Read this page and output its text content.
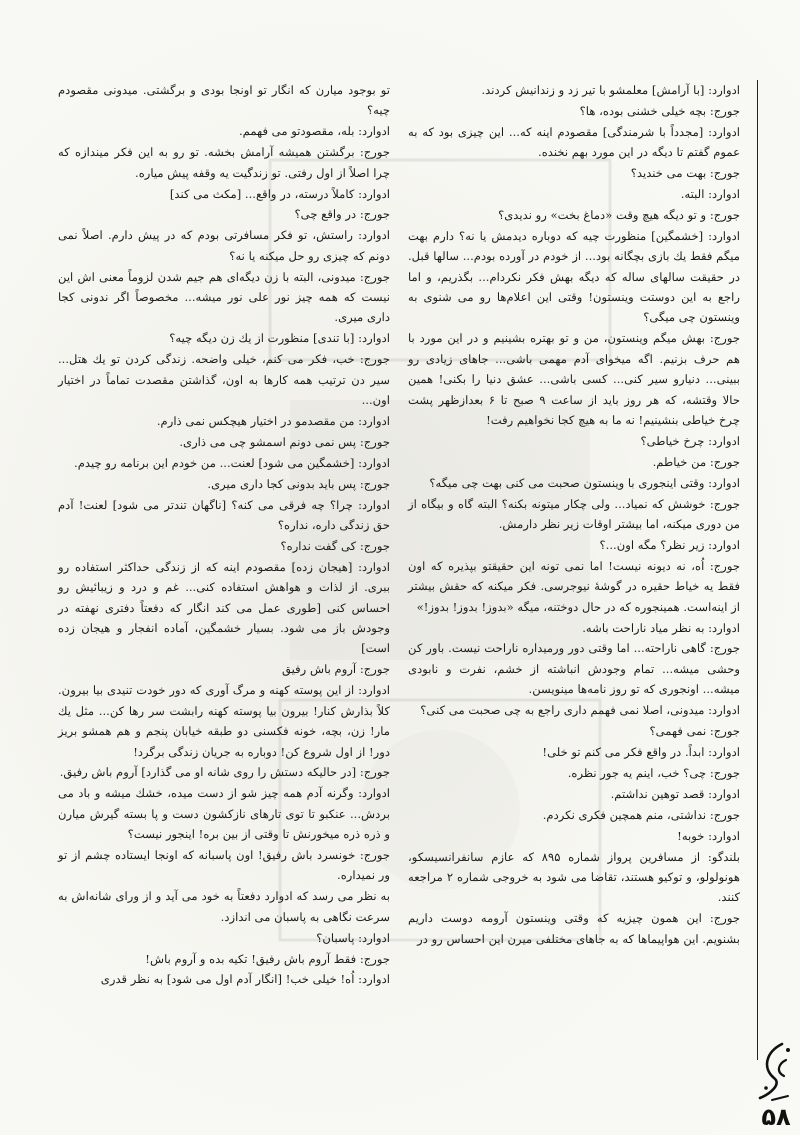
ادوارد: [با آرامش] معلمشو با تیر زد و زندانیش کردند.

جورج: بچه خیلی خشنی بوده، ها؟

ادوارد: [مجدداً با شرمندگی] مقصودم اینه که... این چیزی بود که به عموم گفتم تا دیگه در این مورد بهم نخنده.

جورج: بهت می خندید؟

ادوارد: البته.

جورج: و تو دیگه هیچ وقت «دماغ بخت» رو ندیدی؟

ادوارد: [خشمگین] منظورت چیه که دوباره دیدمش یا نه؟ دارم بهت میگم فقط یك بازی بچگانه بود... از خودم در آورده بودم... سالها قبل. در حقیقت سالهای ساله که دیگه بهش فکر نکردام... بگذریم، و اما راجع به این دوستت وینستون! وقتی این اعلام‌ها رو می شنوی به وینستون چی میگی؟

جورج: بهش میگم وینستون، من و تو بهتره بشینیم و در این مورد با هم حرف بزنیم. اگه میخوای آدم مهمی باشی... جاهای زیادی رو ببینی... دنیارو سیر کنی... کسی باشی... عشق دنیا را بکنی! همین حالا وقتشه، که هر روز باید از ساعت ۹ صبح تا ۶ بعدازظهر پشت چرخ خیاطی بنشینیم! نه ما به هیچ کجا نخواهیم رفت!

ادوارد: چرخ خیاطی؟

جورج: من خیاطم.

ادوارد: وقتی اینجوری با وینستون صحبت می کنی بهت چی میگه؟

جورج: خوشش که نمیاد... ولی چکار میتونه بکنه؟ البته گاه و بیگاه از من دوری میکنه، اما بیشتر اوقات زیر نظر دارمش.

ادوارد: زیر نظر؟ مگه اون...؟

جورج: اُه، نه دیونه نیست! اما نمی تونه این حقیقتو بپذیره که اون فقط یه خیاط حقیره در گوشهٔ نیوجرسی. فکر میکنه که حقش بیشتر از اینه‌است. همینجوره که در حال دوختنه، میگه «بدوز! بدوز! بدوز!»

ادوارد: به نظر میاد ناراحت باشه.

جورج: گاهی ناراحته... اما وقتی دور ورمیداره ناراحت نیست. باور کن وحشی میشه... تمام وجودش انباشته از خشم، نفرت و نابودی میشه... اونجوری که تو روز نامه‌ها مینویسن.

ادوارد: میدونی، اصلا نمی فهمم داری راجع به چی صحبت می کنی؟

جورج: نمی فهمی؟

ادوارد: ابداً. در واقع فکر می کنم تو خلی!

جورج: چی؟ خب، اینم یه جور نظره.

ادوارد: قصد توهین نداشتم.

جورج: نداشتی، منم همچین فکری نکردم.

ادوارد: خوبه!

بلندگو: از مسافرین پرواز شماره ۸۹۵ که عازم سانفرانسیسکو، هونولولو، و توکیو هستند، تقاضا می شود به خروجی شماره ۲ مراجعه کنند.

جورج: این همون چیزیه که وقتی وینستون آرومه دوست داریم بشنویم. این هواپیماها که به جاهای مختلفی میرن این احساس رو در

تو بوجود میارن که انگار تو اونجا بودی و برگشتی. میدونی مقصودم چیه؟

ادوارد: بله، مقصودتو می فهمم.

جورج: برگشتن همیشه آرامش بخشه. تو رو به این فکر میندازه که چرا اصلاً از اول رفتی. تو زندگیت یه وقفه پیش میاره.

ادوارد: کاملاً درسته، در واقع... [مکث می کند]

جورج: در واقع چی؟

ادوارد: راستش، تو فکر مسافرتی بودم که در پیش دارم. اصلاً نمی دونم که چیزی رو حل میکنه یا نه؟

جورج: میدونی، البته با زن دیگه‌ای هم جیم شدن لزوماً معنی اش این نیست که همه چیز نور علی نور میشه... مخصوصاً اگر ندونی کجا داری میری.

ادوارد: [با تندی] منظورت از یك زن دیگه چیه؟

جورج: خب، فکر می کنم، خیلی واضحه. زندگی کردن تو یك هتل... سیر دن ترتیب همه کارها به اون، گذاشتن مقصدت تماماً در اختیار اون...

ادوارد: من مقصدمو در اختیار هیچکس نمی ذارم.

جورج: پس نمی دونم اسمشو چی می ذاری.

ادوارد: [خشمگین می شود] لعنت... من خودم این برنامه رو چیدم.

جورج: پس باید بدونی کجا داری میری.

ادوارد: چرا؟ چه فرقی می کنه؟ [ناگهان تندتر می شود] لعنت! آدم حق زندگی داره، نداره؟

جورج: کی گفت نداره؟

ادوارد: [هیجان زده] مقصودم اینه که از زندگی حداکثر استفاده رو ببری. از لذات و هواهش استفاده کنی... غم و درد و زیبائیش رو احساس کنی [طوری عمل می کند انگار که دفعتاً دفتری نهفته در وجودش باز می شود. بسیار خشمگین، آماده انفجار و هیجان زده است]

جورج: آروم باش رفیق

ادوارد: از این پوسته کهنه و مرگ آوری که دور خودت تنیدی بیا بیرون. کلاً بذارش کنار! بیرون بیا پوسته کهنه رابشت سر رها کن... مثل یك مار! زن، بچه، خونه فکسنی دو طبقه خیابان پنجم و هم همشو بریز دور! از اول شروع کن! دوباره به جریان زندگی برگرد!

جورج: [در حالیکه دستش را روی شانه او می گذارد] آروم باش رفیق.

ادوارد: وگرنه آدم همه چیز شو از دست میده، خشك میشه و باد می بردش... عنکبو تا توی تارهای نازکشون دست و پا بسته گیرش میارن و ذره ذره میخورنش تا وقتی از بین بره! اینجور نیست؟

جورج: خونسرد باش رفیق! اون پاسبانه که اونجا ایستاده چشم از تو ور نمیداره.

به نظر می رسد که ادوارد دفعتاً به خود می آید و از ورای شانه‌اش به سرعت نگاهی به پاسبان می اندازد.

ادوارد: پاسبان؟

جورج: فقط آروم باش رفیق! تکیه بده و آروم باش!

ادوارد: اُه! خیلی خب! [انگار آدم اول می شود] به نظر قدری

۵۸
